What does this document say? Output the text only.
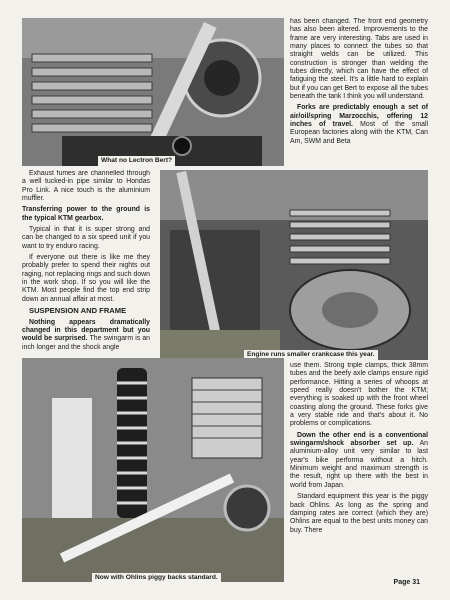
What no Lectron Bert?

has been changed. The front end geometry has also been altered. Improvements to the frame are very interesting. Tabs are used in many places to connect the tubes so that straight welds can be utilized. This construction is stronger than welding the tubes directly, which can have the effect of fatiguing the steel. It's a little hard to explain but if you can get Bert to expose all the tubes beneath the tank I think you will understand.

Forks are predictably enough a set of air/oil/spring Marzocchis, offering 12 inches of travel. Most of the small European factories along with the KTM, Can Am, SWM and Beta

Exhaust fumes are channelled through a well tucked-in pipe similar to Hondas Pro Link. A nice touch is the aluminium muffler.

Transferring power to the ground is the typical KTM gearbox.

Typical in that it is super strong and can be changed to a six speed unit if you want to try enduro racing.

If everyone out there is like me they probably prefer to spend their nights out raging, not replacing rings and such down in the work shop. If so you will like the KTM. Most people find the top end strip down an annual affair at most.

SUSPENSION AND FRAME

Nothing appears dramatically changed in this department but you would be surprised. The swingarm is an inch longer and the shock angle

Engine runs smaller crankcase this year.
Now with Ohlins piggy backs standard.

use them. Strong triple clamps, thick 38mm tubes and the beefy axle clamps ensure rigid performance. Hitting a series of whoops at speed really doesn't bother the KTM; everything is soaked up with the front wheel coasting along the ground. These forks give a very stable ride and that's about it. No problems or complications.

Down the other end is a conventional swingarm/shock absorber set up. An aluminium-alloy unit very similar to last year's bike performa without a hitch. Minimum weight and maximum strength is the result, right up there with the best in world from Japan.

Standard equipment this year is the piggy back Ohlins. As long as the spring and damping rates are correct (which they are) Ohlins are equal to the best units money can buy. There

Page 31
